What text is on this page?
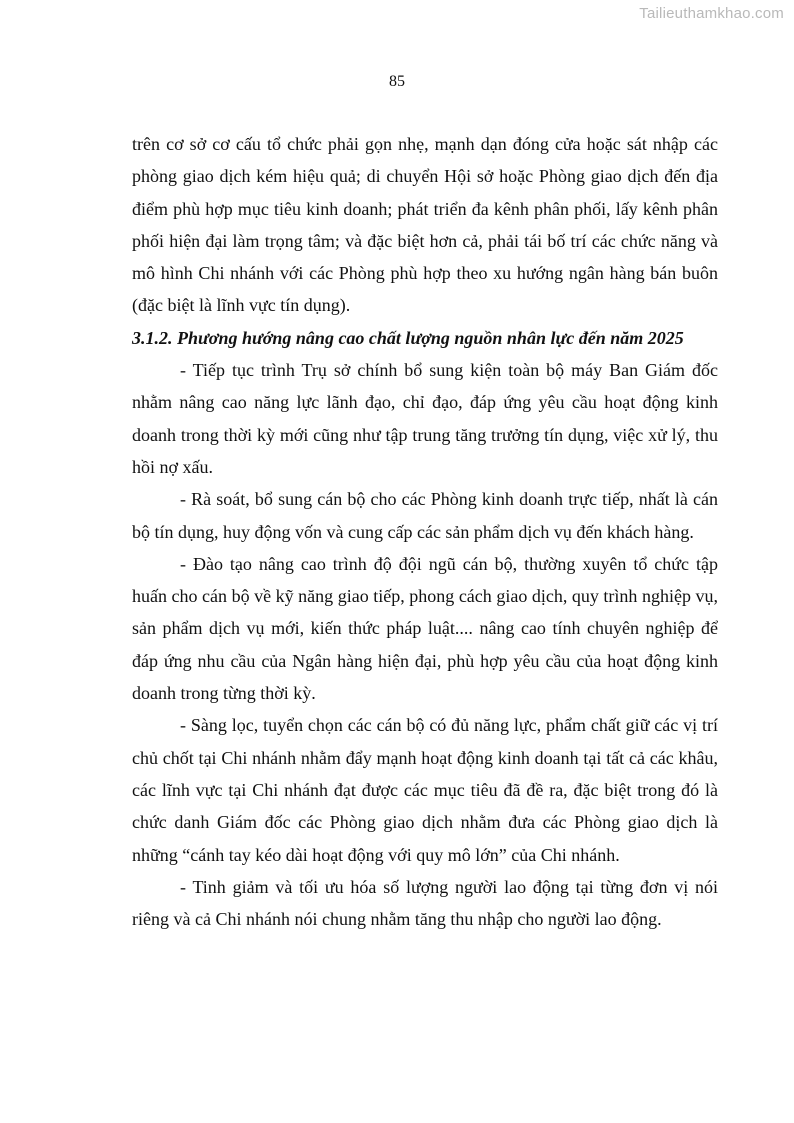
Tailieuthamkhao.com
85

trên cơ sở cơ cấu tổ chức phải gọn nhẹ, mạnh dạn đóng cửa hoặc sát nhập các phòng giao dịch kém hiệu quả; di chuyển Hội sở hoặc Phòng giao dịch đến địa điểm phù hợp mục tiêu kinh doanh; phát triển đa kênh phân phối, lấy kênh phân phối hiện đại làm trọng tâm; và đặc biệt hơn cả, phải tái bố trí các chức năng và mô hình Chi nhánh với các Phòng phù hợp theo xu hướng ngân hàng bán buôn (đặc biệt là lĩnh vực tín dụng).

3.1.2. Phương hướng nâng cao chất lượng nguồn nhân lực đến năm 2025

- Tiếp tục trình Trụ sở chính bổ sung kiện toàn bộ máy Ban Giám đốc nhằm nâng cao năng lực lãnh đạo, chỉ đạo, đáp ứng yêu cầu hoạt động kinh doanh trong thời kỳ mới cũng như tập trung tăng trưởng tín dụng, việc xử lý, thu hồi nợ xấu.

- Rà soát, bổ sung cán bộ cho các Phòng kinh doanh trực tiếp, nhất là cán bộ tín dụng, huy động vốn và cung cấp các sản phẩm dịch vụ đến khách hàng.

- Đào tạo nâng cao trình độ đội ngũ cán bộ, thường xuyên tổ chức tập huấn cho cán bộ về kỹ năng giao tiếp, phong cách giao dịch, quy trình nghiệp vụ, sản phẩm dịch vụ mới, kiến thức pháp luật.... nâng cao tính chuyên nghiệp để đáp ứng nhu cầu của Ngân hàng hiện đại, phù hợp yêu cầu của hoạt động kinh doanh trong từng thời kỳ.

- Sàng lọc, tuyển chọn các cán bộ có đủ năng lực, phẩm chất giữ các vị trí chủ chốt tại Chi nhánh nhằm đẩy mạnh hoạt động kinh doanh tại tất cả các khâu, các lĩnh vực tại Chi nhánh đạt được các mục tiêu đã đề ra, đặc biệt trong đó là chức danh Giám đốc các Phòng giao dịch nhằm đưa các Phòng giao dịch là những “cánh tay kéo dài hoạt động với quy mô lớn” của Chi nhánh.

- Tinh giảm và tối ưu hóa số lượng người lao động tại từng đơn vị nói riêng và cả Chi nhánh nói chung nhằm tăng thu nhập cho người lao động.
